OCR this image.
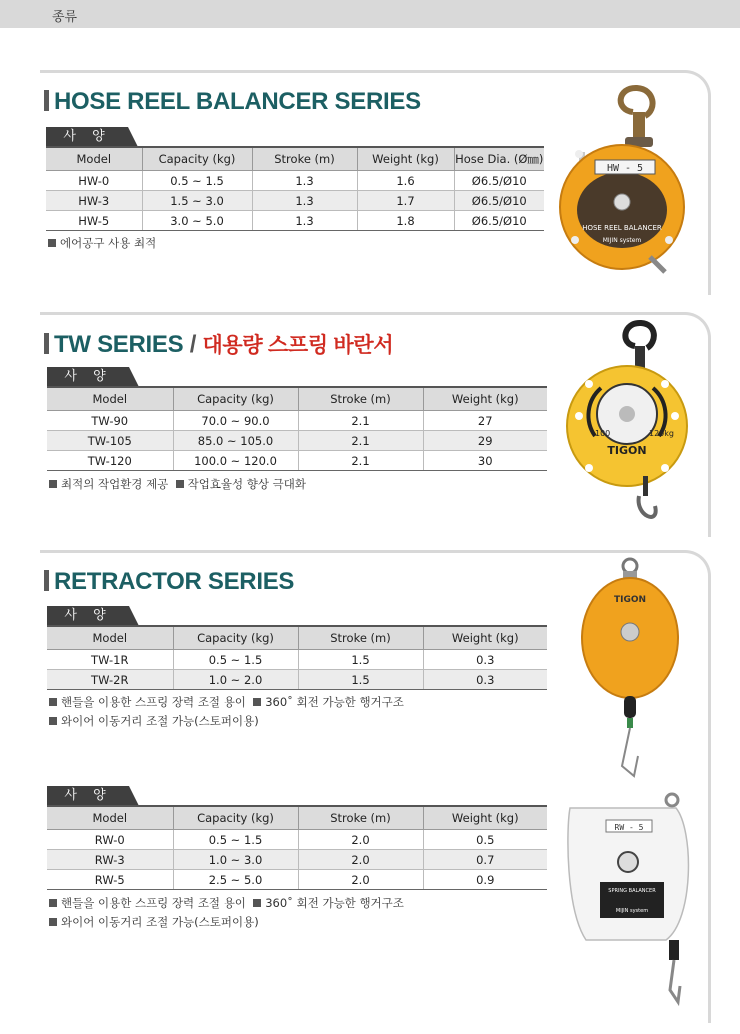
종류
HOSE REEL BALANCER SERIES
사 양
Model	Capacity (kg)	Stroke (m)	Weight (kg)	Hose Dia. (Ø㎜)
HW-0	0.5 ~ 1.5	1.3	1.6	Ø6.5/Ø10
HW-3	1.5 ~ 3.0	1.3	1.7	Ø6.5/Ø10
HW-5	3.0 ~ 5.0	1.3	1.8	Ø6.5/Ø10
에어공구 사용 최적
HW - 5
HOSE REEL BALANCER
MIJIN system
TW SERIES / 대용량 스프링 바란서
사 양
Model	Capacity (kg)	Stroke (m)	Weight (kg)
TW-90	70.0 ~ 90.0	2.1	27
TW-105	85.0 ~ 105.0	2.1	29
TW-120	100.0 ~ 120.0	2.1	30
최적의 작업환경 제공 작업효율성 향상 극대화
100	120kg
TIGON
RETRACTOR SERIES
사 양
Model	Capacity (kg)	Stroke (m)	Weight (kg)
TW-1R	0.5 ~ 1.5	1.5	0.3
TW-2R	1.0 ~ 2.0	1.5	0.3
핸들을 이용한 스프링 장력 조절 용이 360˚ 회전 가능한 행거구조
와이어 이동거리 조절 가능(스토퍼이용)
TIGON
사 양
Model	Capacity (kg)	Stroke (m)	Weight (kg)
RW-0	0.5 ~ 1.5	2.0	0.5
RW-3	1.0 ~ 3.0	2.0	0.7
RW-5	2.5 ~ 5.0	2.0	0.9
핸들을 이용한 스프링 장력 조절 용이 360˚ 회전 가능한 행거구조
와이어 이동거리 조절 가능(스토퍼이용)
RW - 5
SPRING BALANCER
MIJIN system
